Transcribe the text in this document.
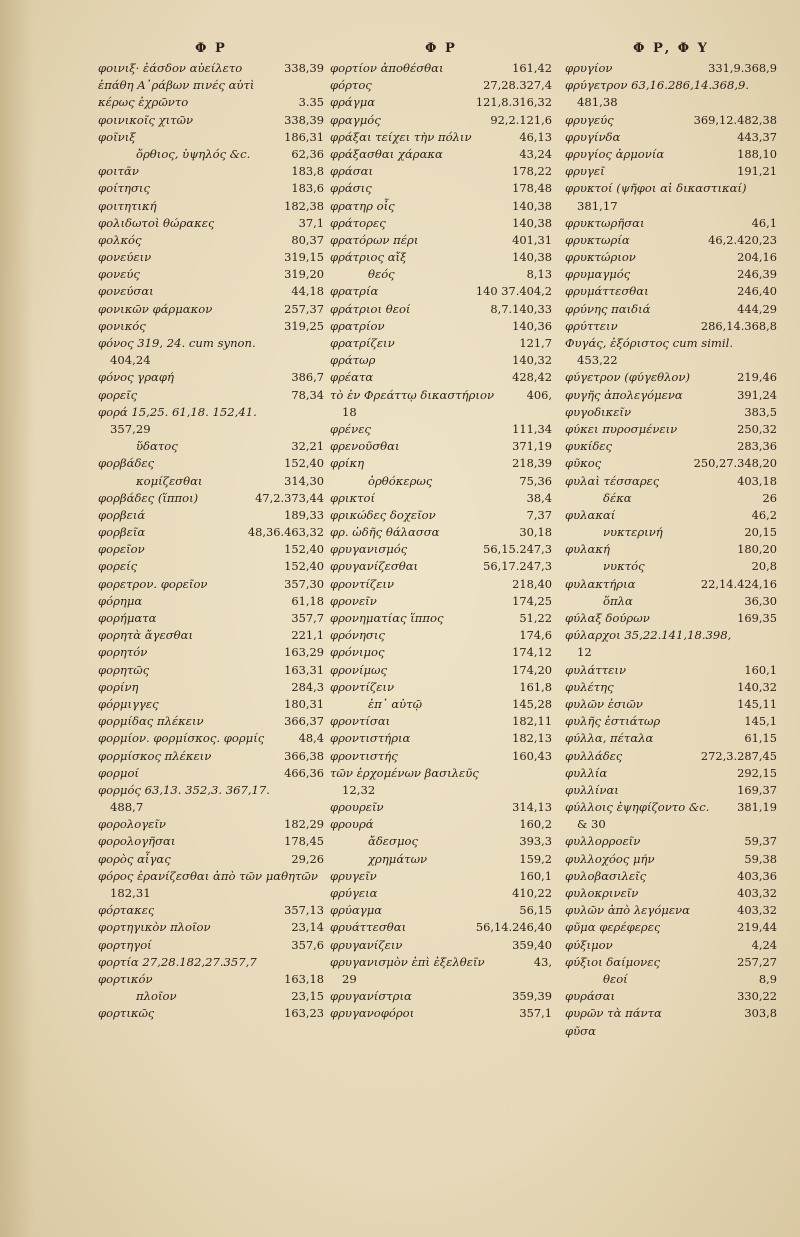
Φ Ρ
φοινιξ· ἐάσδον αὐείλετο	338,39
ἐπάθη Α᾽ράβων πινές αὐτὶ
κέρως ἐχρῶντο	3.35
φοινικοῖς χιτῶν	338,39
φοῖνιξ	186,31
ὄρθιος, ὑψηλός &c.	62,36
φοιτᾶν	183,8
φοίτησις	183,6
φοιτητική	182,38
φολιδωτοὶ θώρακες	37,1
φολκός	80,37
φονεύειν	319,15
φονεύς	319,20
φονεύσαι	44,18
φονικῶν φάρμακον	257,37
φονικός	319,25
φόνος 319, 24. cum synon.
404,24
φόνος γραφή	386,7
φορεῖς	78,34
φορά 15,25. 61,18. 152,41.
357,29
ὕδατος	32,21
φορβάδες	152,40
κομίζεσθαι	314,30
φορβάδες (ἵπποι)	47,2.373,44
φορβειά	189,33
φορβεῖα	48,36.463,32
φορεῖον	152,40
φορείς	152,40
φορετρον. φορεῖον	357,30
φόρημα	61,18
φορήματα	357,7
φορητὰ ἄγεσθαι	221,1
φορητόν	163,29
φορητῶς	163,31
φορίνη	284,3
φόρμιγγες	180,31
φορμίδας πλέκειν	366,37
φορμίον. φορμίσκος. φορμίς	48,4
φορμίσκος πλέκειν	366,38
φορμοί	466,36
φορμός 63,13. 352,3. 367,17.
488,7
φορολογεῖν	182,29
φορολογῆσαι	178,45
φορὸς αἶγας	29,26
φόρος ἐρανίζεσθαι ἀπὸ τῶν μαθητῶν
182,31
φόρτακες	357,13
φορτηγικὸν πλοῖον	23,14
φορτηγοί	357,6
φορτία 27,28.182,27.357,7
φορτικόν	163,18
πλοῖον	23,15
φορτικῶς	163,23
Φ Ρ
φορτίον ἀποθέσθαι	161,42
φόρτος	27,28.327,4
φράγμα	121,8.316,32
φραγμός	92,2.121,6
φράξαι τείχει τὴν πόλιν	46,13
φράξασθαι χάρακα	43,24
φράσαι	178,22
φράσις	178,48
φρατηρ οἶς	140,38
φράτορες	140,38
φρατόρων πέρι	401,31
φράτριος αἴξ	140,38
θεός	8,13
φρατρία	140 37.404,2
φράτριοι θεοί	8,7.140,33
φρατρίον	140,36
φρατρίζειν	121,7
φράτωρ	140,32
φρέατα	428,42
τὸ ἐν Φρεάττῳ δικαστήριον	406,
18
φρένες	111,34
φρενοῦσθαι	371,19
φρίκη	218,39
ὀρθόκερως	75,36
φρικτοί	38,4
φρικώδες δοχεῖον	7,37
φρ. ὠδῆς θάλασσα	30,18
φρυγανισμός	56,15.247,3
φρυγανίζεσθαι	56,17.247,3
φροντίζειν	218,40
φρονεῖν	174,25
φρονηματίας ἵππος	51,22
φρόνησις	174,6
φρόνιμος	174,12
φρονίμως	174,20
φροντίζειν	161,8
ἐπ᾽ αὐτῷ	145,28
φροντίσαι	182,11
φροντιστήρια	182,13
φροντιστής	160,43
τῶν ἐρχομένων βασιλεῦς
12,32
φρουρεῖν	314,13
φρουρά	160,2
ἄδεσμος	393,3
χρημάτων	159,2
φρυγεῖν	160,1
φρύγεια	410,22
φρύαγμα	56,15
φρυάττεσθαι	56,14.246,40
φρυγανίζειν	359,40
φρυγανισμὸν ἐπὶ ἐξελθεῖν	43,
29
φρυγανίστρια	359,39
φρυγανοφόροι	357,1
Φ Ρ, Φ Υ
φρυγίον	331,9.368,9
φρύγετρον 63,16.286,14.368,9.
481,38
φρυγεύς	369,12.482,38
φρυγίνδα	443,37
φρυγίος ἁρμονία	188,10
φρυγεῖ	191,21
φρυκτοί (ψῆφοι αἱ δικαστικαί)
381,17
φρυκτωρῆσαι	46,1
φρυκτωρία	46,2.420,23
φρυκτώριον	204,16
φρυμαγμός	246,39
φρυμάττεσθαι	246,40
φρύνης παιδιά	444,29
φρύττειν	286,14.368,8
Φυγάς, ἐξόριστος cum simil.
453,22
φύγετρον (φύγεθλον)	219,46
φυγῆς ἀπολεγόμενα	391,24
φυγοδικεῖν	383,5
φύκει πυροσμένειν	250,32
φυκίδες	283,36
φῦκος	250,27.348,20
φυλαὶ τέσσαρες	403,18
δέκα	26
φυλακαί	46,2
νυκτερινή	20,15
φυλακή	180,20
νυκτός	20,8
φυλακτήρια	22,14.424,16
ὅπλα	36,30
φύλαξ δούρων	169,35
φύλαρχοι 35,22.141,18.398,
12
φυλάττειν	160,1
φυλέτης	140,32
φυλῶν ἐσιῶν	145,11
φυλῆς ἐστιάτωρ	145,1
φύλλα, πέταλα	61,15
φυλλάδες	272,3.287,45
φυλλία	292,15
φυλλίναι	169,37
φύλλοις ἐψηφίζοντο &c.	381,19
& 30
φυλλορροεῖν	59,37
φυλλοχόος μήν	59,38
φυλοβασιλεῖς	403,36
φυλοκρινεῖν	403,32
φυλῶν ἀπὸ λεγόμενα	403,32
φῦμα φερέφερες	219,44
φύξιμον	4,24
φύξιοι δαίμονες	257,27
θεοί	8,9
φυράσαι	330,22
φυρῶν τὰ πάντα	303,8
φῦσα
